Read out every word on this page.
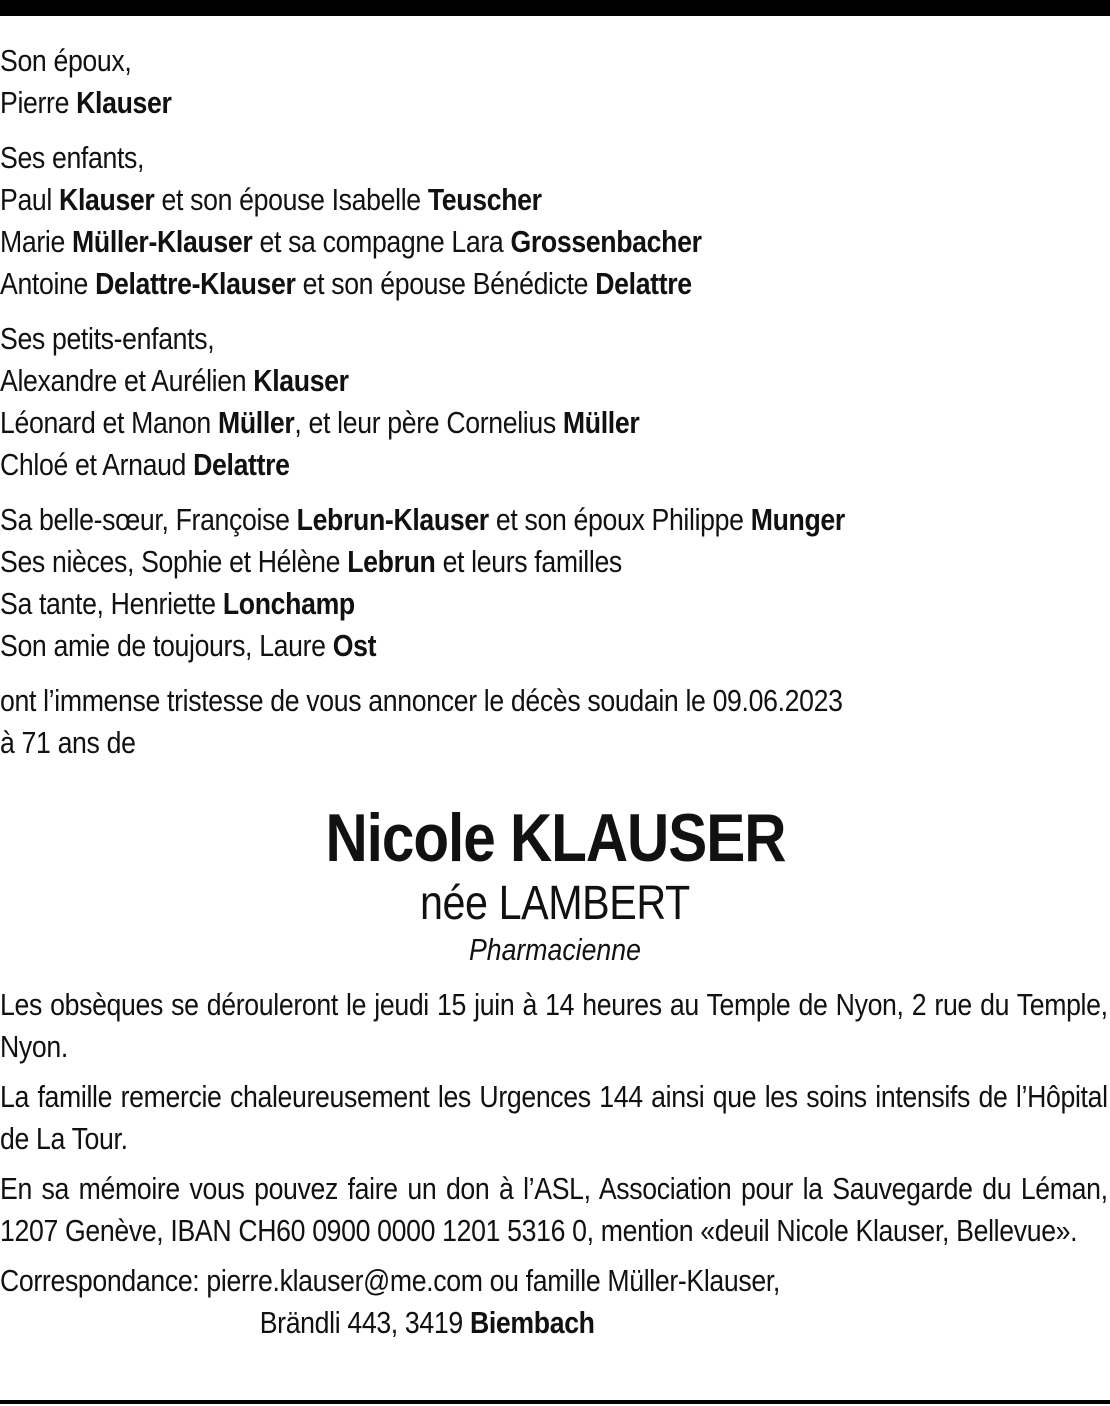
Son époux,
Pierre Klauser
Ses enfants,
Paul Klauser et son épouse Isabelle Teuscher
Marie Müller-Klauser et sa compagne Lara Grossenbacher
Antoine Delattre-Klauser et son épouse Bénédicte Delattre
Ses petits-enfants,
Alexandre et Aurélien Klauser
Léonard et Manon Müller, et leur père Cornelius Müller
Chloé et Arnaud Delattre
Sa belle-sœur, Françoise Lebrun-Klauser et son époux Philippe Munger
Ses nièces, Sophie et Hélène Lebrun et leurs familles
Sa tante, Henriette Lonchamp
Son amie de toujours, Laure Ost
ont l’immense tristesse de vous annoncer le décès soudain le 09.06.2023
à 71 ans de
Nicole KLAUSER
née LAMBERT
Pharmacienne
Les obsèques se dérouleront le jeudi 15 juin à 14 heures au Temple de Nyon, 2 rue du Temple, Nyon.
La famille remercie chaleureusement les Urgences 144 ainsi que les soins intensifs de l’Hôpital de La Tour.
En sa mémoire vous pouvez faire un don à l’ASL, Association pour la Sauvegarde du Léman, 1207 Genève, IBAN CH60 0900 0000 1201 5316 0, mention «deuil Nicole Klauser, Bellevue».
Correspondance: pierre.klauser@me.com ou famille Müller-Klauser,
Brändli 443, 3419 Biembach
